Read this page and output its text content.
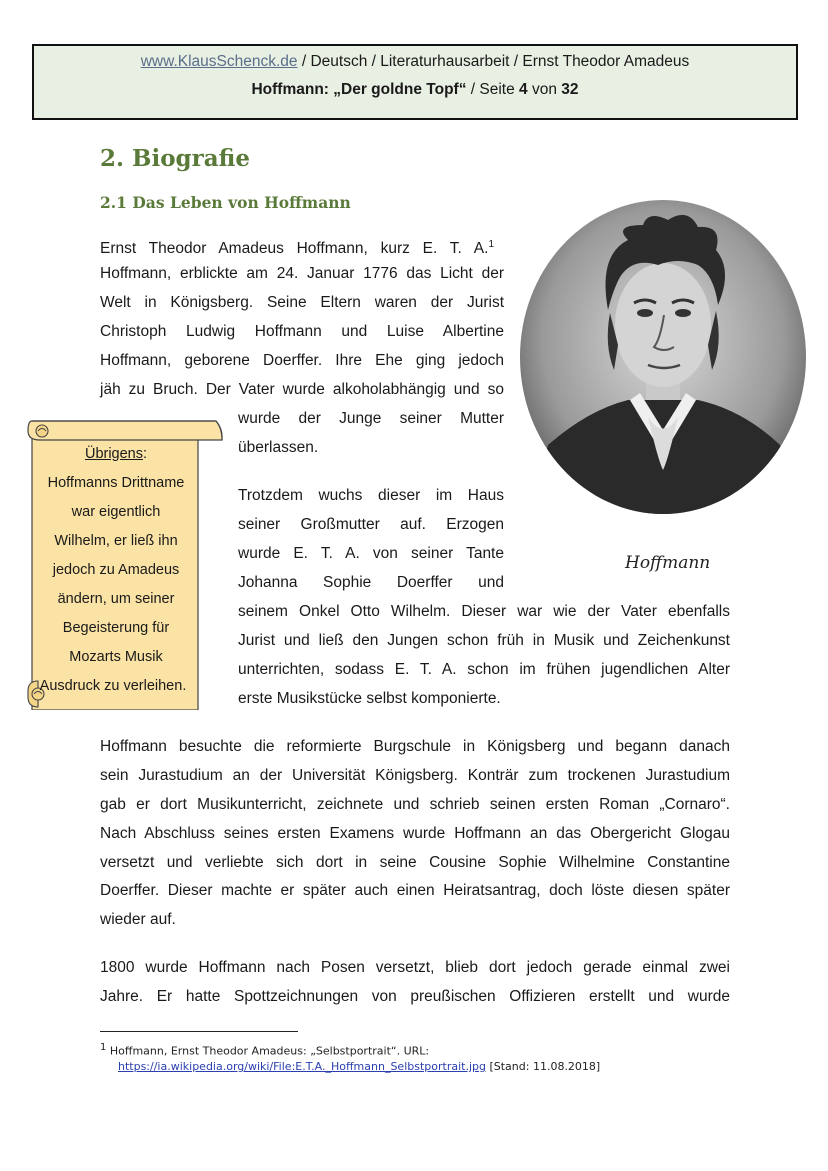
www.KlausSchenck.de / Deutsch / Literaturhausarbeit / Ernst Theodor Amadeus
Hoffmann: „Der goldne Topf“ / Seite 4 von 32
2. Biografie
2.1 Das Leben von Hoffmann
Ernst Theodor Amadeus Hoffmann, kurz E. T. A.$^1$
Hoffmann, erblickte am 24. Januar 1776 das Licht der
Welt in Königsberg. Seine Eltern waren der Jurist
Christoph Ludwig Hoffmann und Luise Albertine
Hoffmann, geborene Doerffer. Ihre Ehe ging jedoch
jäh zu Bruch. Der Vater wurde alkoholabhängig und so
wurde der Junge seiner Mutter
überlassen.
Trotzdem wuchs dieser im Haus
seiner Großmutter auf. Erzogen
wurde E. T. A. von seiner Tante
Johanna Sophie Doerffer und
seinem Onkel Otto Wilhelm. Dieser war wie der Vater ebenfalls
Jurist und ließ den Jungen schon früh in Musik und Zeichenkunst
unterrichten, sodass E. T. A. schon im frühen jugendlichen Alter
erste Musikstücke selbst komponierte.
Hoffmann besuchte die reformierte Burgschule in Königsberg und begann danach
sein Jurastudium an der Universität Königsberg. Konträr zum trockenen Jurastudium
gab er dort Musikunterricht, zeichnete und schrieb seinen ersten Roman „Cornaro“.
Nach Abschluss seines ersten Examens wurde Hoffmann an das Obergericht Glogau
versetzt und verliebte sich dort in seine Cousine Sophie Wilhelmine Constantine
Doerffer. Dieser machte er später auch einen Heiratsantrag, doch löste diesen später
wieder auf.
1800 wurde Hoffmann nach Posen versetzt, blieb dort jedoch gerade einmal zwei
Jahre. Er hatte Spottzeichnungen von preußischen Offizieren erstellt und wurde
Hoffmann
Übrigens:
Hoffmanns Drittname
war eigentlich
Wilhelm, er ließ ihn
jedoch zu Amadeus
ändern, um seiner
Begeisterung für
Mozarts Musik
Ausdruck zu verleihen.
$^1$ Hoffmann, Ernst Theodor Amadeus: „Selbstportrait“. URL:
https://ia.wikipedia.org/wiki/File:E.T.A._Hoffmann_Selbstportrait.jpg [Stand: 11.08.2018]
